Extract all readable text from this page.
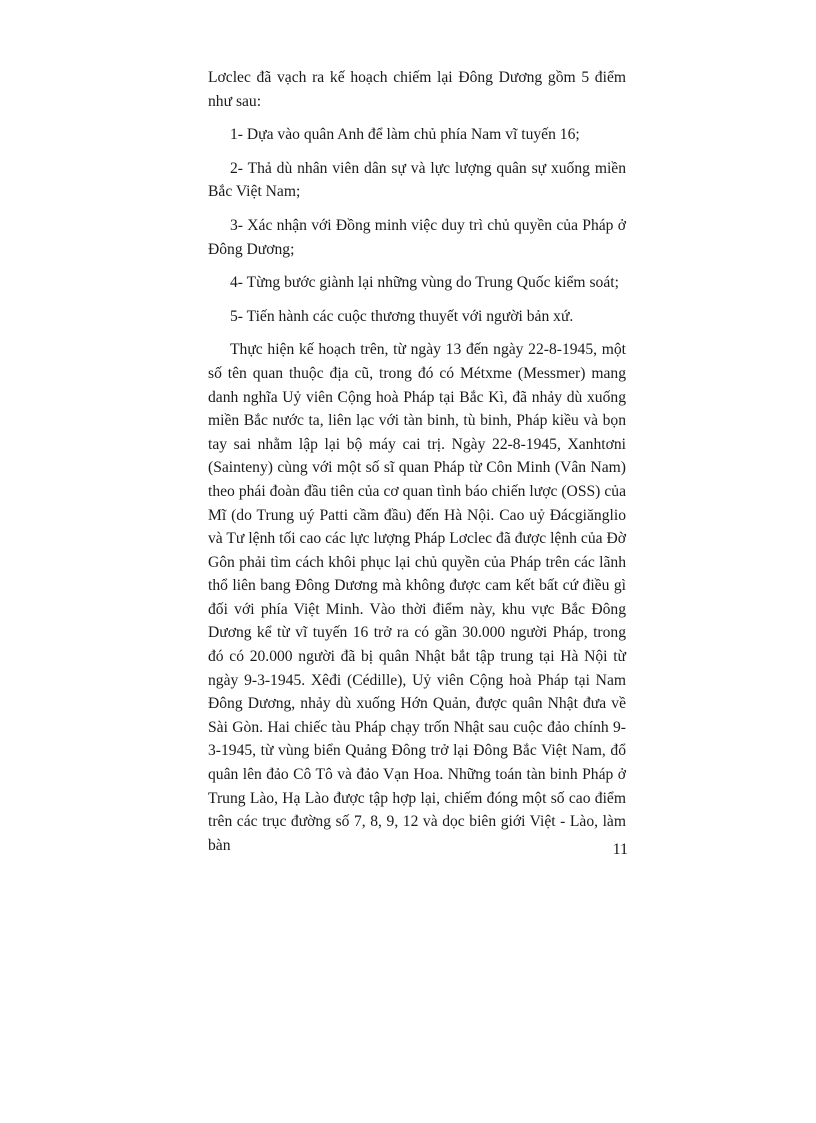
Lơclec đã vạch ra kế hoạch chiếm lại Đông Dương gồm 5 điểm như sau:

1- Dựa vào quân Anh để làm chủ phía Nam vĩ tuyến 16;

2- Thả dù nhân viên dân sự và lực lượng quân sự xuống miền Bắc Việt Nam;

3- Xác nhận với Đồng minh việc duy trì chủ quyền của Pháp ở Đông Dương;

4- Từng bước giành lại những vùng do Trung Quốc kiểm soát;

5- Tiến hành các cuộc thương thuyết với người bản xứ.

Thực hiện kế hoạch trên, từ ngày 13 đến ngày 22-8-1945, một số tên quan thuộc địa cũ, trong đó có Métxme (Messmer) mang danh nghĩa Uỷ viên Cộng hoà Pháp tại Bắc Kì, đã nhảy dù xuống miền Bắc nước ta, liên lạc với tàn binh, tù binh, Pháp kiều và bọn tay sai nhằm lập lại bộ máy cai trị. Ngày 22-8-1945, Xanhtơni (Sainteny) cùng với một số sĩ quan Pháp từ Côn Minh (Vân Nam) theo phái đoàn đầu tiên của cơ quan tình báo chiến lược (OSS) của Mĩ (do Trung uý Patti cầm đầu) đến Hà Nội. Cao uỷ Đácgiănglio và Tư lệnh tối cao các lực lượng Pháp Lơclec đã được lệnh của Đờ Gôn phải tìm cách khôi phục lại chủ quyền của Pháp trên các lãnh thổ liên bang Đông Dương mà không được cam kết bất cứ điều gì đối với phía Việt Minh. Vào thời điểm này, khu vực Bắc Đông Dương kể từ vĩ tuyến 16 trở ra có gần 30.000 người Pháp, trong đó có 20.000 người đã bị quân Nhật bắt tập trung tại Hà Nội từ ngày 9-3-1945. Xêđi (Cédille), Uỷ viên Cộng hoà Pháp tại Nam Đông Dương, nhảy dù xuống Hớn Quản, được quân Nhật đưa về Sài Gòn. Hai chiếc tàu Pháp chạy trốn Nhật sau cuộc đảo chính 9-3-1945, từ vùng biển Quảng Đông trở lại Đông Bắc Việt Nam, đổ quân lên đảo Cô Tô và đảo Vạn Hoa. Những toán tàn binh Pháp ở Trung Lào, Hạ Lào được tập hợp lại, chiếm đóng một số cao điểm trên các trục đường số 7, 8, 9, 12 và dọc biên giới Việt - Lào, làm bàn	11
